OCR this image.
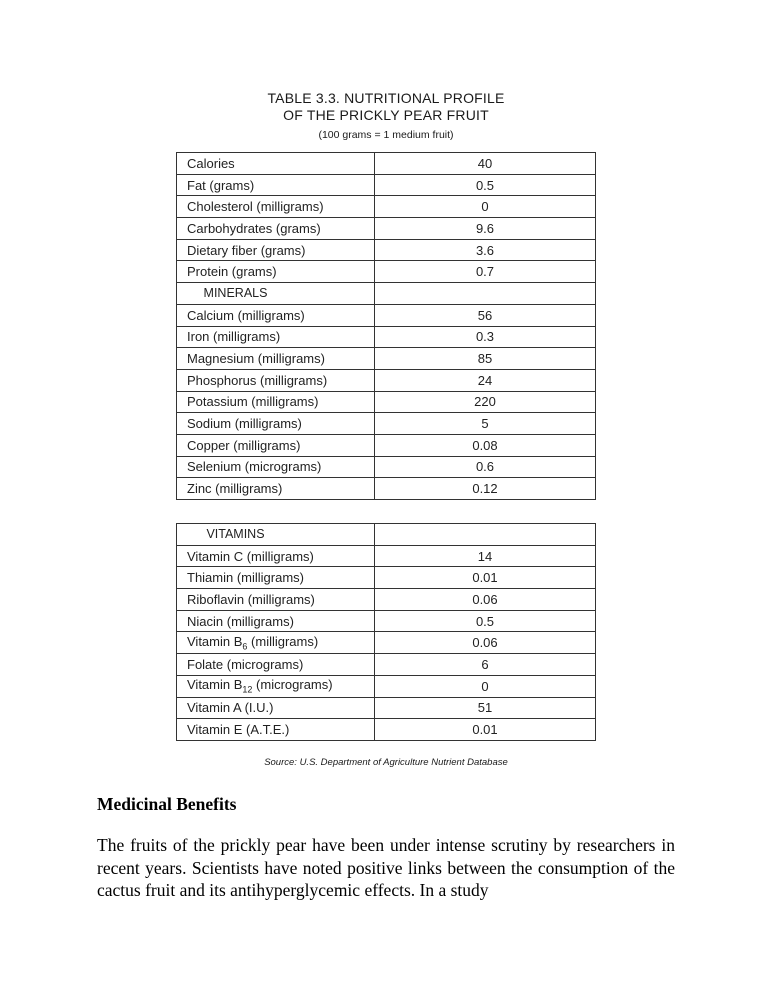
TABLE 3.3. NUTRITIONAL PROFILE
OF THE PRICKLY PEAR FRUIT
(100 grams = 1 medium fruit)
Calories	40
Fat (grams)	0.5
Cholesterol (milligrams)	0
Carbohydrates (grams)	9.6
Dietary fiber (grams)	3.6
Protein (grams)	0.7
MINERALS	
Calcium (milligrams)	56
Iron (milligrams)	0.3
Magnesium (milligrams)	85
Phosphorus (milligrams)	24
Potassium (milligrams)	220
Sodium (milligrams)	5
Copper (milligrams)	0.08
Selenium (micrograms)	0.6
Zinc (milligrams)	0.12
VITAMINS	
Vitamin C (milligrams)	14
Thiamin (milligrams)	0.01
Riboflavin (milligrams)	0.06
Niacin (milligrams)	0.5
Vitamin $B_6$ (milligrams)	0.06
Folate (micrograms)	6
Vitamin $B_{12}$ (micrograms)	0
Vitamin A (I.U.)	51
Vitamin E (A.T.E.)	0.01
Source: U.S. Department of Agriculture Nutrient Database
Medicinal Benefits

The fruits of the prickly pear have been under intense scrutiny by researchers in recent years. Scientists have noted positive links between the consumption of the cactus fruit and its antihyperglycemic effects. In a study
